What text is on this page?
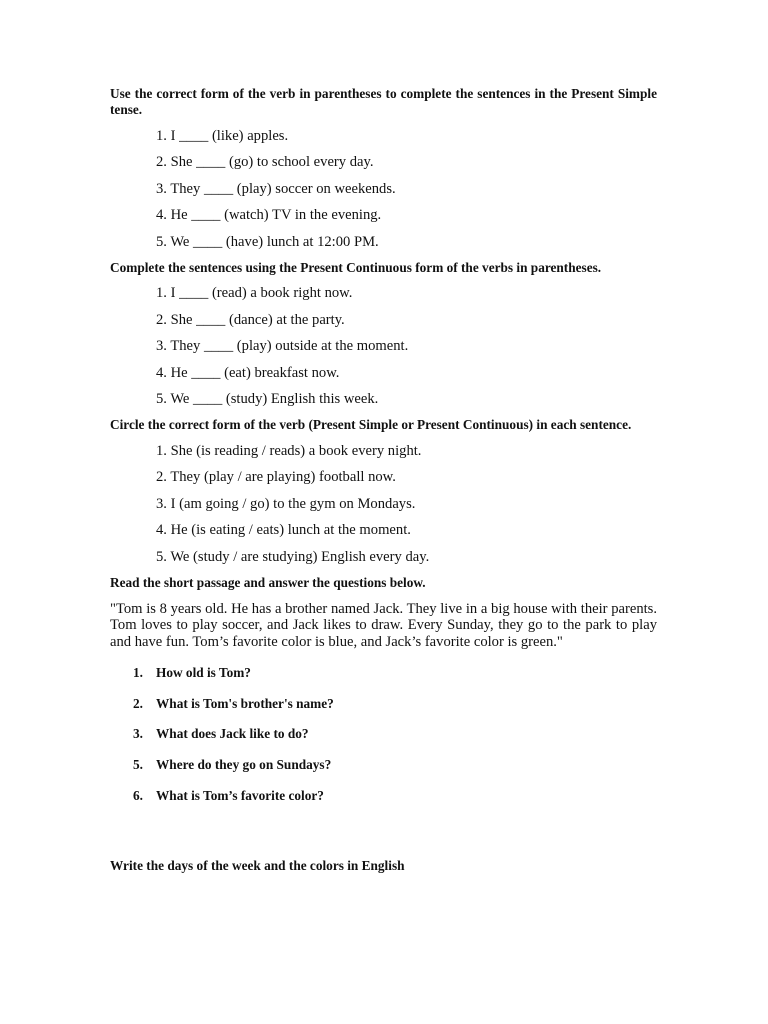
Use the correct form of the verb in parentheses to complete the sentences in the Present Simple tense.

1. I ____ (like) apples.
2. She ____ (go) to school every day.
3. They ____ (play) soccer on weekends.
4. He ____ (watch) TV in the evening.
5. We ____ (have) lunch at 12:00 PM.

Complete the sentences using the Present Continuous form of the verbs in parentheses.

1. I ____ (read) a book right now.
2. She ____ (dance) at the party.
3. They ____ (play) outside at the moment.
4. He ____ (eat) breakfast now.
5. We ____ (study) English this week.

Circle the correct form of the verb (Present Simple or Present Continuous) in each sentence.

1. She (is reading / reads) a book every night.
2. They (play / are playing) football now.
3. I (am going / go) to the gym on Mondays.
4. He (is eating / eats) lunch at the moment.
5. We (study / are studying) English every day.

Read the short passage and answer the questions below.

"Tom is 8 years old. He has a brother named Jack. They live in a big house with their parents. Tom loves to play soccer, and Jack likes to draw. Every Sunday, they go to the park to play and have fun. Tom’s favorite color is blue, and Jack’s favorite color is green."

1. How old is Tom?
2. What is Tom's brother's name?
3. What does Jack like to do?
5. Where do they go on Sundays?
6. What is Tom’s favorite color?

Write the days of the week and the colors in English
